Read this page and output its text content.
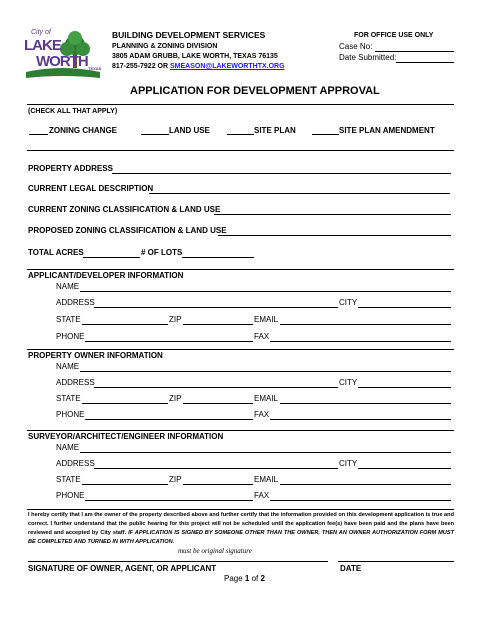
City of
LAKE
WORTH TEXAS
BUILDING DEVELOPMENT SERVICES
PLANNING & ZONING DIVISION
3805 ADAM GRUBB, LAKE WORTH, TEXAS 76135
817-255-7922 OR SMEASON@LAKEWORTHTX.ORG
FOR OFFICE USE ONLY
Case No:
Date Submitted:
APPLICATION FOR DEVELOPMENT APPROVAL
(CHECK ALL THAT APPLY)
ZONING CHANGE	LAND USE	SITE PLAN	SITE PLAN AMENDMENT
PROPERTY ADDRESS
CURRENT LEGAL DESCRIPTION
CURRENT ZONING CLASSIFICATION & LAND USE
PROPOSED ZONING CLASSIFICATION & LAND USE
TOTAL ACRES	# OF LOTS
APPLICANT/DEVELOPER INFORMATION
NAME
ADDRESS	CITY
STATE	ZIP	EMAIL
PHONE	FAX
PROPERTY OWNER INFORMATION
NAME
ADDRESS	CITY
STATE	ZIP	EMAIL
PHONE	FAX
SURVEYOR/ARCHITECT/ENGINEER INFORMATION
NAME
ADDRESS	CITY
STATE	ZIP	EMAIL
PHONE	FAX
I hereby certify that I am the owner of the property described above and further certify that the information provided on this development application is true and correct. I further understand that the public hearing for this project will not be scheduled until the application fee(s) have been paid and the plans have been reviewed and accepted by City staff. IF APPLICATION IS SIGNED BY SOMEONE OTHER THAN THE OWNER, THEN AN OWNER AUTHORIZATION FORM MUST BE COMPLETED AND TURNED IN WITH APPLICATION.
must be original signature
SIGNATURE OF OWNER, AGENT, OR APPLICANT	DATE
Page 1 of 2
